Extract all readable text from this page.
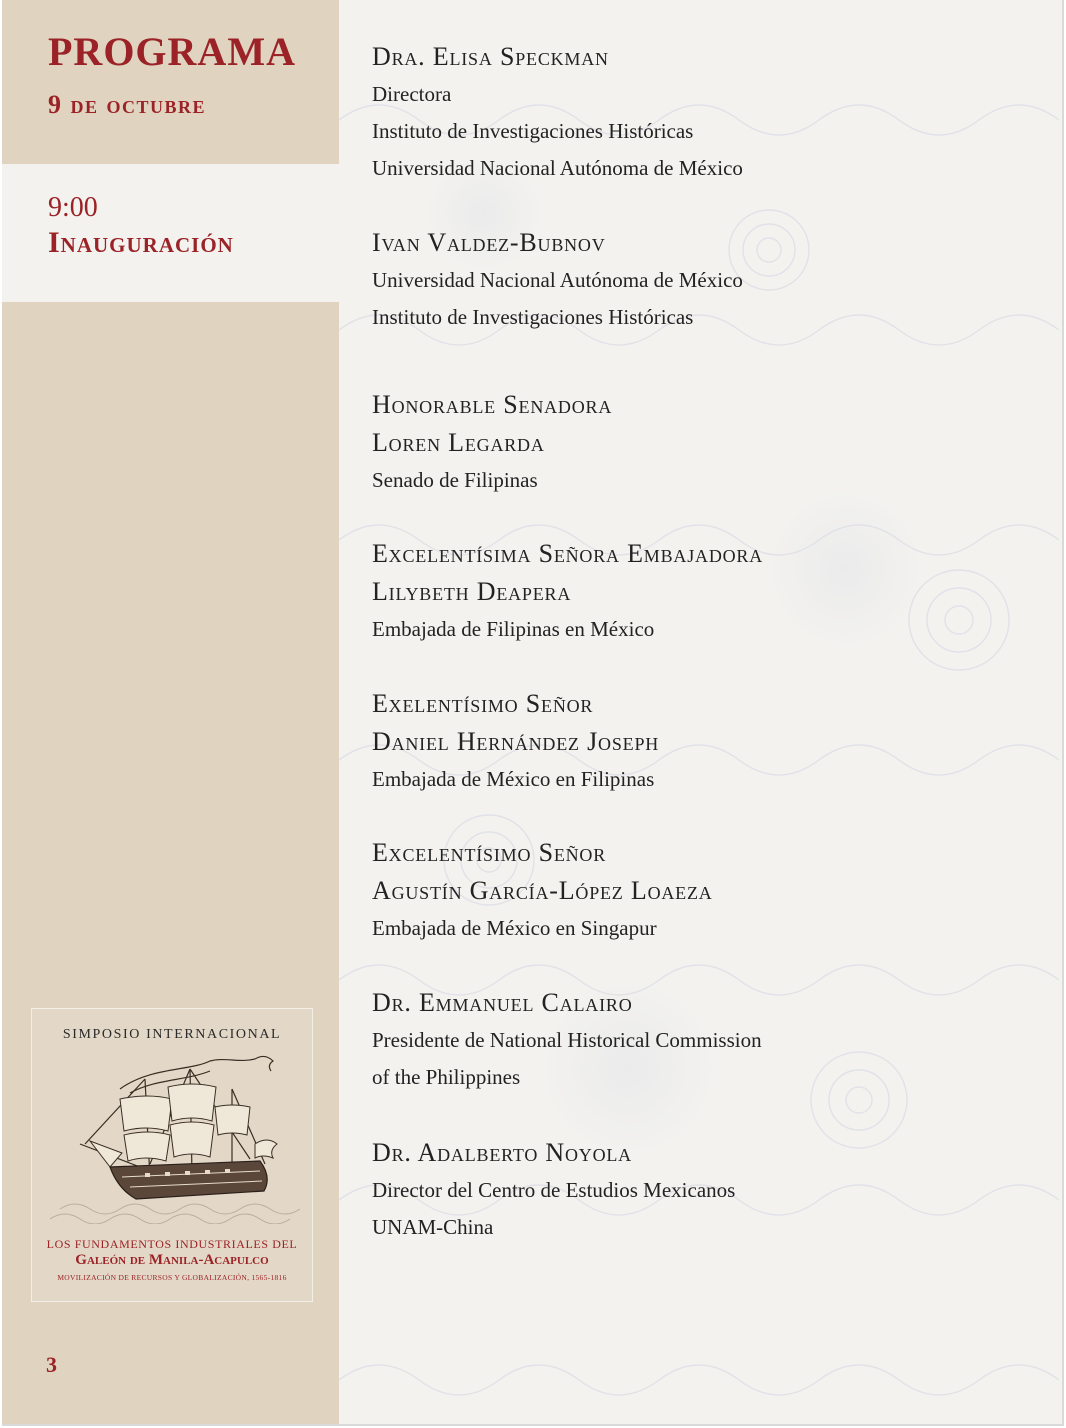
PROGRAMA
9 de octubre
9:00
Inauguración
SIMPOSIO INTERNACIONAL
LOS FUNDAMENTOS INDUSTRIALES DEL
Galeón de Manila-Acapulco
MOVILIZACIÓN DE RECURSOS Y GLOBALIZACIÓN, 1565-1816
3
Dra. Elisa Speckman
Directora
Instituto de Investigaciones Históricas
Universidad Nacional Autónoma de México
Ivan Valdez-Bubnov
Universidad Nacional Autónoma de México
Instituto de Investigaciones Históricas
Honorable Senadora
Loren Legarda
Senado de Filipinas
Excelentísima Señora Embajadora
Lilybeth Deapera
Embajada de Filipinas en México
Exelentísimo Señor
Daniel Hernández Joseph
Embajada de México en Filipinas
Excelentísimo Señor
Agustín García-López Loaeza
Embajada de México en Singapur
Dr. Emmanuel Calairo
Presidente de National Historical Commission
of the Philippines
Dr. Adalberto Noyola
Director del Centro de Estudios Mexicanos
UNAM-China
